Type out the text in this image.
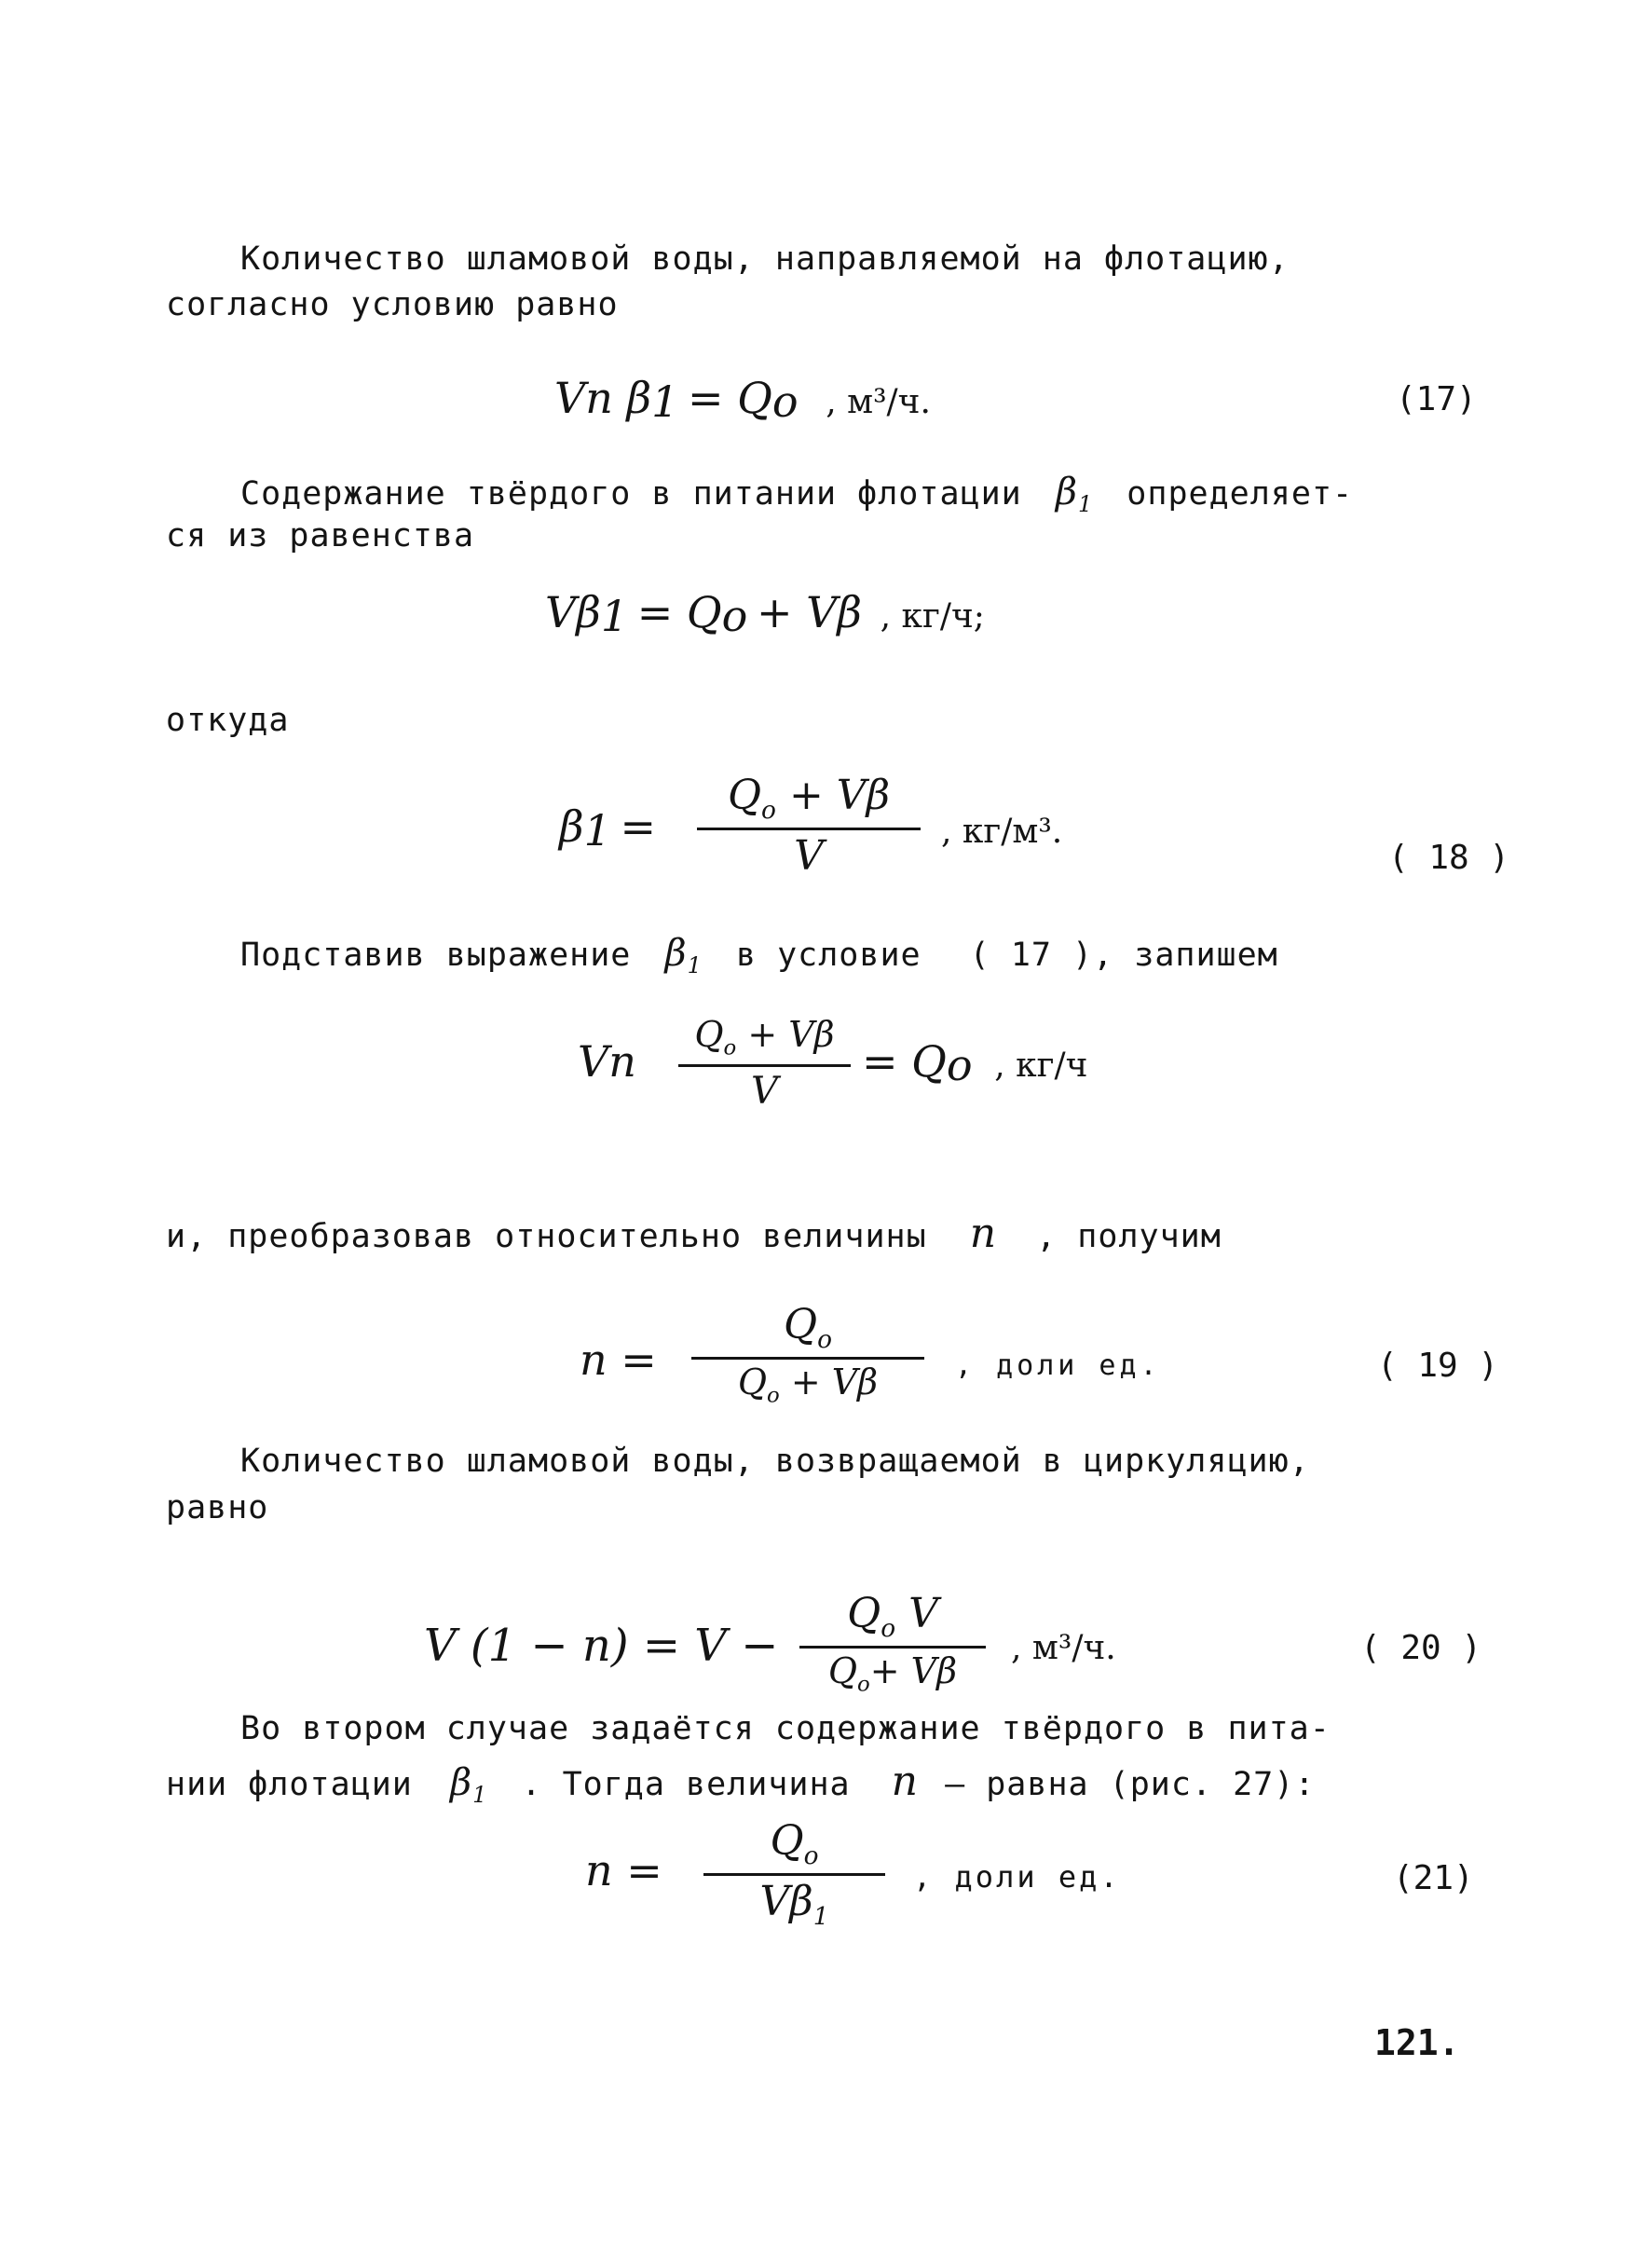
Количество шламовой воды, направляемой на флотацию,
согласно условию равно
Vn $\beta_1 = Q_o$ , м³/ч.	(17)
Содержание твёрдого в питании флотации $\beta_1$ определяет-
ся из равенства
$V\beta_1 = Q_o + V\beta$ , кг/ч;
откуда
$\beta_1$ =
$Q_o + V\beta$
V
, кг/м³.
( 18 )
Подставив выражение $\beta_1$ в условие ( 17 ), запишем
Vn
$Q_o + V\beta$
V
= $Q_o$ , кг/ч
и, преобразовав относительно величины n , получим
n =
$Q_o$
$Q_o + V\beta$	, доли ед.	( 19 )
Количество шламовой воды, возвращаемой в циркуляцию,
равно
V (1 − n) = V −
$Q_o$ V
$Q_o+ V\beta$
, м³/ч.	( 20 )
Во втором случае задаётся содержание твёрдого в пита-
нии флотации $\beta_1$ . Тогда величина n – равна (рис. 27):
n =
$Q_o$
$V\beta_1$
, доли ед.	(21)
121.
